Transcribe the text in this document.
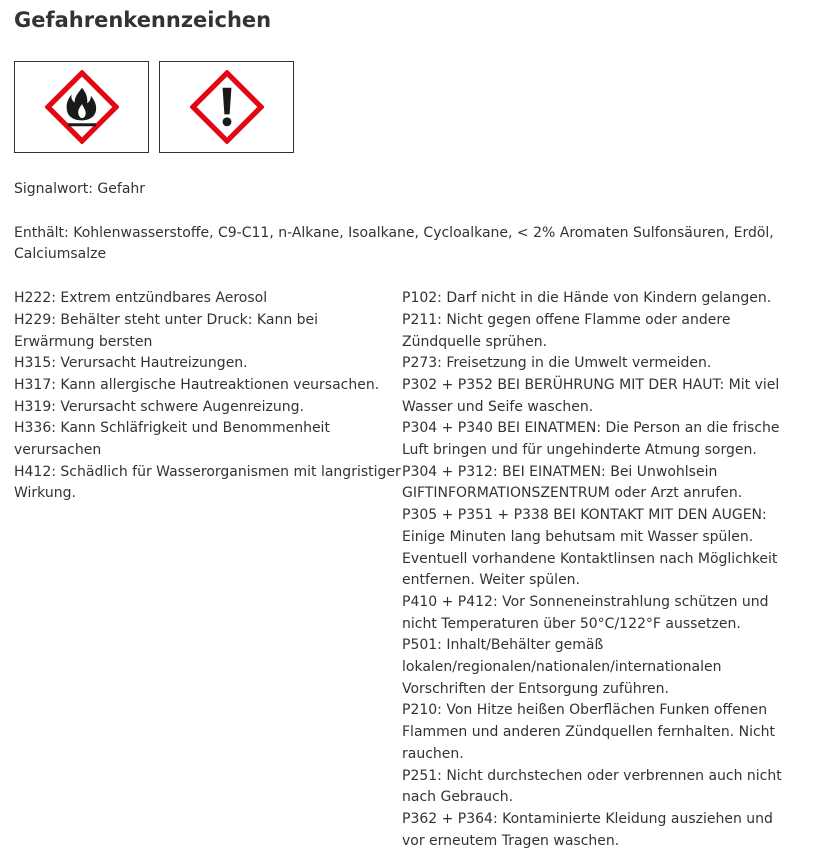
Gefahrenkennzeichen
Signalwort: Gefahr
Enthält: Kohlenwasserstoffe, C9-C11, n-Alkane, Isoalkane, Cycloalkane, < 2% Aromaten Sulfonsäuren, Erdöl, Calciumsalze
H222: Extrem entzündbares Aerosol
H229: Behälter steht unter Druck: Kann bei Erwärmung bersten
H315: Verursacht Hautreizungen.
H317: Kann allergische Hautreaktionen veursachen.
H319: Verursacht schwere Augenreizung.
H336: Kann Schläfrigkeit und Benommenheit verursachen
H412: Schädlich für Wasserorganismen mit langristiger Wirkung.
P102: Darf nicht in die Hände von Kindern gelangen.
P211: Nicht gegen offene Flamme oder andere Zündquelle sprühen.
P273: Freisetzung in die Umwelt vermeiden.
P302 + P352 BEI BERÜHRUNG MIT DER HAUT: Mit viel Wasser und Seife waschen.
P304 + P340 BEI EINATMEN: Die Person an die frische Luft bringen und für ungehinderte Atmung sorgen.
P304 + P312: BEI EINATMEN: Bei Unwohlsein GIFTINFORMATIONSZENTRUM oder Arzt anrufen.
P305 + P351 + P338 BEI KONTAKT MIT DEN AUGEN: Einige Minuten lang behutsam mit Wasser spülen. Eventuell vorhandene Kontaktlinsen nach Möglichkeit entfernen. Weiter spülen.
P410 + P412: Vor Sonneneinstrahlung schützen und nicht Temperaturen über 50°C/122°F aussetzen.
P501: Inhalt/Behälter gemäß lokalen/regionalen/nationalen/internationalen Vorschriften der Entsorgung zuführen.
P210: Von Hitze heißen Oberflächen Funken offenen Flammen und anderen Zündquellen fernhalten. Nicht rauchen.
P251: Nicht durchstechen oder verbrennen auch nicht nach Gebrauch.
P362 + P364: Kontaminierte Kleidung ausziehen und vor erneutem Tragen waschen.
